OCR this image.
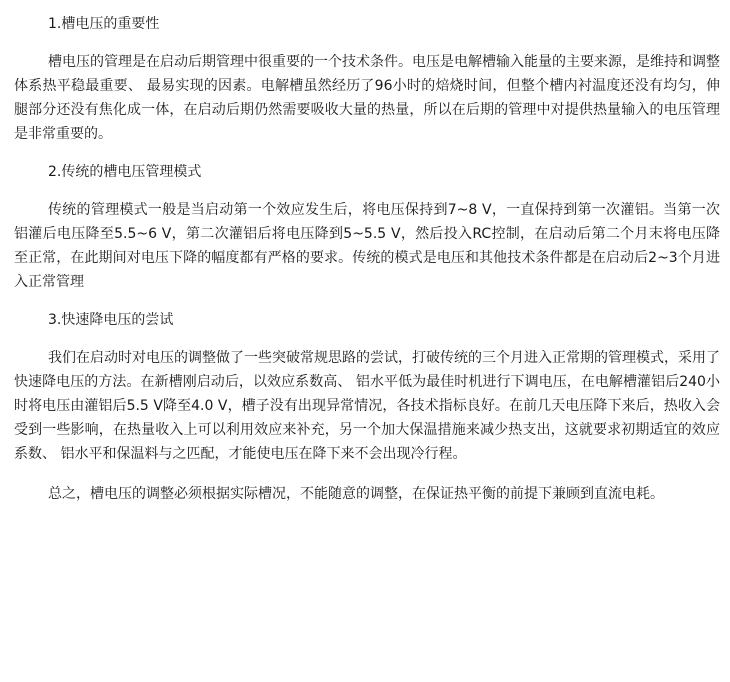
1.槽电压的重要性

槽电压的管理是在启动后期管理中很重要的一个技术条件。电压是电解槽输入能量的主要来源，是维持和调整体系热平稳最重要、 最易实现的因素。电解槽虽然经历了96小时的焙烧时间，但整个槽内衬温度还没有均匀，伸腿部分还没有焦化成一体，在启动后期仍然需要吸收大量的热量，所以在后期的管理中对提供热量输入的电压管理是非常重要的。

2.传统的槽电压管理模式

传统的管理模式一般是当启动第一个效应发生后，将电压保持到7~8 V，一直保持到第一次灌铝。当第一次铝灌后电压降至5.5~6 V，第二次灌铝后将电压降到5~5.5 V，然后投入RC控制，在启动后第二个月末将电压降至正常，在此期间对电压下降的幅度都有严格的要求。传统的模式是电压和其他技术条件都是在启动后2~3个月进入正常管理

3.快速降电压的尝试

我们在启动时对电压的调整做了一些突破常规思路的尝试，打破传统的三个月进入正常期的管理模式，采用了快速降电压的方法。在新槽刚启动后，以效应系数高、 铝水平低为最佳时机进行下调电压，在电解槽灌铝后240小时将电压由灌铝后5.5 V降至4.0 V，槽子没有出现异常情况，各技术指标良好。在前几天电压降下来后，热收入会受到一些影响，在热量收入上可以利用效应来补充，另一个加大保温措施来减少热支出，这就要求初期适宜的效应系数、 铝水平和保温料与之匹配，才能使电压在降下来不会出现冷行程。

总之，槽电压的调整必须根据实际槽况，不能随意的调整，在保证热平衡的前提下兼顾到直流电耗。
